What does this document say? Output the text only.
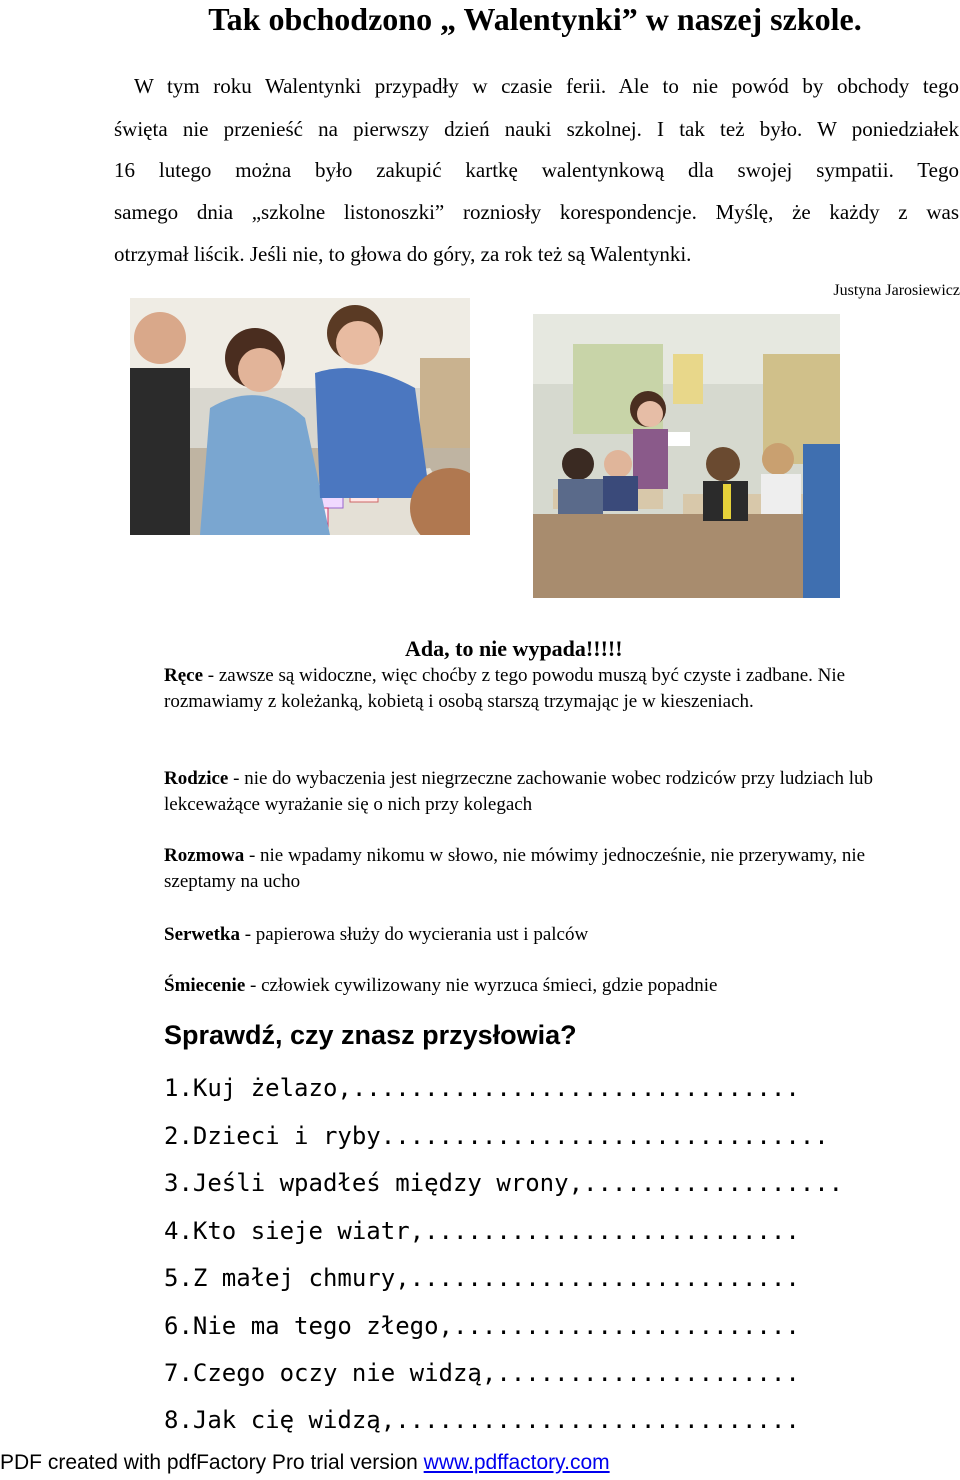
Tak obchodzono „ Walentynki” w naszej szkole.
W tym roku Walentynki przypadły w czasie ferii. Ale to nie powód by obchody tego
święta nie przenieść na pierwszy dzień nauki szkolnej. I tak też było. W poniedziałek
16 lutego można było zakupić kartkę walentynkową dla swojej sympatii. Tego
samego dnia „szkolne listonoszki” rozniosły korespondencje. Myślę, że każdy z was
otrzymał liścik. Jeśli nie, to głowa do góry, za rok też są Walentynki.
Justyna Jarosiewicz
Ada, to nie wypada!!!!!
Ręce - zawsze są widoczne, więc choćby z tego powodu muszą być czyste i zadbane. Nie rozmawiamy z koleżanką, kobietą i osobą starszą trzymając je w kieszeniach.
Rodzice - nie do wybaczenia jest niegrzeczne zachowanie wobec rodziców przy ludziach lub lekceważące wyrażanie się o nich przy kolegach
Rozmowa - nie wpadamy nikomu w słowo, nie mówimy jednocześnie, nie przerywamy, nie szeptamy na ucho
Serwetka - papierowa służy do wycierania ust i palców
Śmiecenie - człowiek cywilizowany nie wyrzuca śmieci, gdzie popadnie
Sprawdź, czy znasz przysłowia?
1.Kuj żelazo,...............................
2.Dzieci i ryby...............................
3.Jeśli wpadłeś między wrony,..................
4.Kto sieje wiatr,..........................
5.Z małej chmury,...........................
6.Nie ma tego złego,........................
7.Czego oczy nie widzą,.....................
8.Jak cię widzą,............................
PDF created with pdfFactory Pro trial version www.pdffactory.com
